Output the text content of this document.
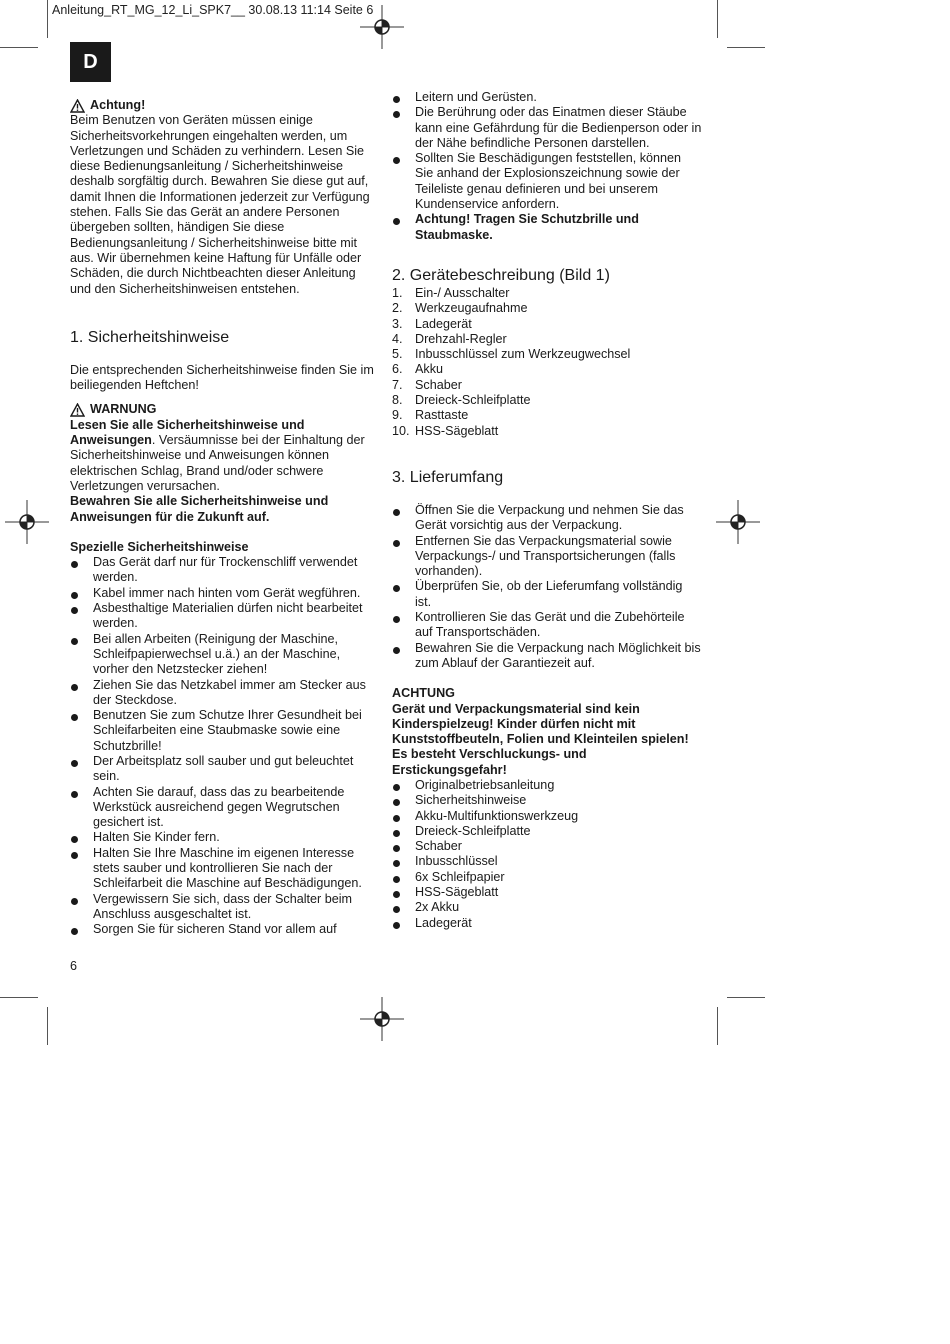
Anleitung_RT_MG_12_Li_SPK7__ 30.08.13 11:14 Seite 6
D
Achtung!

Beim Benutzen von Geräten müssen einige Sicherheitsvorkehrungen eingehalten werden, um Verletzungen und Schäden zu verhindern. Lesen Sie diese Bedienungsanleitung / Sicherheitshinweise deshalb sorgfältig durch. Bewahren Sie diese gut auf, damit Ihnen die Informationen jederzeit zur Verfügung stehen. Falls Sie das Gerät an andere Personen übergeben sollten, händigen Sie diese Bedienungsanleitung / Sicherheitshinweise bitte mit aus. Wir übernehmen keine Haftung für Unfälle oder Schäden, die durch Nichtbeachten dieser Anleitung und den Sicherheitshinweisen entstehen.

1. Sicherheitshinweise

Die entsprechenden Sicherheitshinweise finden Sie im beiliegenden Heftchen!

WARNUNG

Lesen Sie alle Sicherheitshinweise und Anweisungen. Versäumnisse bei der Einhaltung der Sicherheitshinweise und Anweisungen können elektrischen Schlag, Brand und/oder schwere Verletzungen verursachen.

Bewahren Sie alle Sicherheitshinweise und Anweisungen für die Zukunft auf.

Spezielle Sicherheitshinweise

Das Gerät darf nur für Trockenschliff verwendet werden.
Kabel immer nach hinten vom Gerät wegführen.
Asbesthaltige Materialien dürfen nicht bearbeitet werden.
Bei allen Arbeiten (Reinigung der Maschine, Schleifpapierwechsel u.ä.) an der Maschine, vorher den Netzstecker ziehen!
Ziehen Sie das Netzkabel immer am Stecker aus der Steckdose.
Benutzen Sie zum Schutze Ihrer Gesundheit bei Schleifarbeiten eine Staubmaske sowie eine Schutzbrille!
Der Arbeitsplatz soll sauber und gut beleuchtet sein.
Achten Sie darauf, dass das zu bearbeitende Werkstück ausreichend gegen Wegrutschen gesichert ist.
Halten Sie Kinder fern.
Halten Sie Ihre Maschine im eigenen Interesse stets sauber und kontrollieren Sie nach der Schleifarbeit die Maschine auf Beschädigungen.
Vergewissern Sie sich, dass der Schalter beim Anschluss ausgeschaltet ist.
Sorgen Sie für sicheren Stand vor allem auf
Leitern und Gerüsten.
Die Berührung oder das Einatmen dieser Stäube kann eine Gefährdung für die Bedienperson oder in der Nähe befindliche Personen darstellen.
Sollten Sie Beschädigungen feststellen, können Sie anhand der Explosionszeichnung sowie der Teileliste genau definieren und bei unserem Kundenservice anfordern.
Achtung! Tragen Sie Schutzbrille und Staubmaske.
2. Gerätebeschreibung (Bild 1)
1. Ein-/ Ausschalter
2. Werkzeugaufnahme
3. Ladegerät
4. Drehzahl-Regler
5. Inbusschlüssel zum Werkzeugwechsel
6. Akku
7. Schaber
8. Dreieck-Schleifplatte
9. Rasttaste
10. HSS-Sägeblatt
3. Lieferumfang
Öffnen Sie die Verpackung und nehmen Sie das Gerät vorsichtig aus der Verpackung.
Entfernen Sie das Verpackungsmaterial sowie Verpackungs-/ und Transportsicherungen (falls vorhanden).
Überprüfen Sie, ob der Lieferumfang vollständig ist.
Kontrollieren Sie das Gerät und die Zubehörteile auf Transportschäden.
Bewahren Sie die Verpackung nach Möglichkeit bis zum Ablauf der Garantiezeit auf.

ACHTUNG

Gerät und Verpackungsmaterial sind kein Kinderspielzeug! Kinder dürfen nicht mit Kunststoffbeuteln, Folien und Kleinteilen spielen! Es besteht Verschluckungs- und Erstickungsgefahr!

Originalbetriebsanleitung
Sicherheitshinweise
Akku-Multifunktionswerkzeug
Dreieck-Schleifplatte
Schaber
Inbusschlüssel
6x Schleifpapier
HSS-Sägeblatt
2x Akku
Ladegerät
6
